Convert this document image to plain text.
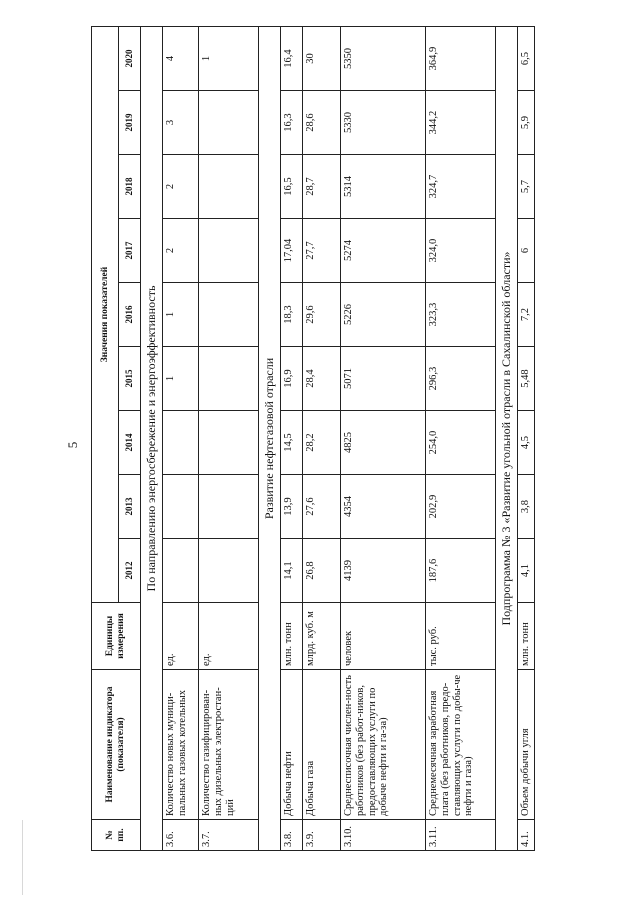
5
№ пп.	Наименование индикатора (показателя)	Единицы измерения	Значения показателей								
			2012	2013	2014	2015	2016	2017	2018	2019	2020
По направлению энергосбережение и энергоэффективность											
3.6.	Количество новых муници-пальных газовых котельных	ед.				1	1	2	2	3	4
3.7.	Количество газифицирован-ных дизельных электростан-ций	ед.									1
Развитие нефтегазовой отрасли											
3.8.	Добыча нефти	млн. тонн	14,1	13,9	14,5	16,9	18,3	17,04	16,5	16,3	16,4
3.9.	Добыча газа	млрд. куб. м	26,8	27,6	28,2	28,4	29,6	27,7	28,7	28,6	30
3.10.	Среднесписочная числен-ность работников (без работ-ников, предоставляющих услуги по добыче нефти и га-за)	человек	4139	4354	4825	5071	5226	5274	5314	5330	5350
3.11.	Среднемесячная заработная плата (без работников, предо-ставляющих услуги по добы-че нефти и газа)	тыс. руб.	187,6	202,9	254,0	296,3	323,3	324,0	324,7	344,2	364,9
Подпрограмма № 3 «Развитие угольной отрасли в Сахалинской области»											
4.1.	Объем добычи угля	млн. тонн	4,1	3,8	4,5	5,48	7,2	6	5,7	5,9	6,5
